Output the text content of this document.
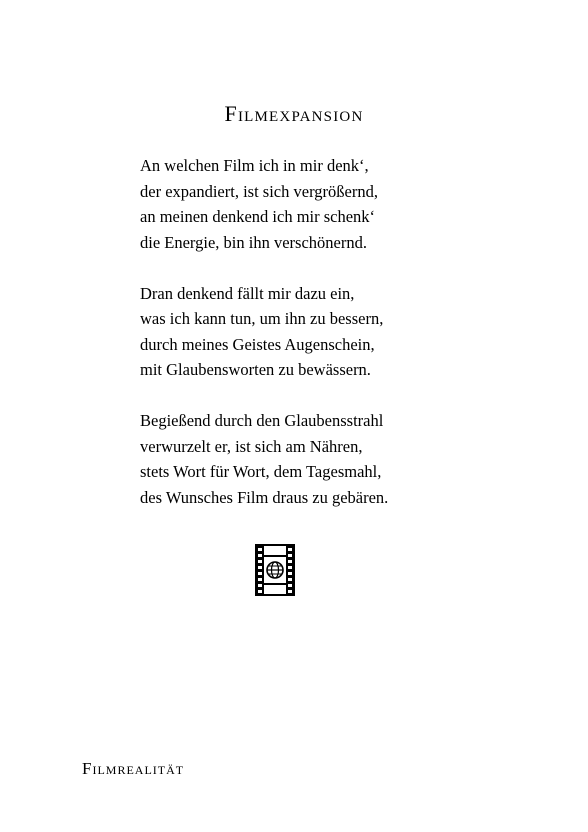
Filmexpansion
An welchen Film ich in mir denk‘,
der expandiert, ist sich vergrößernd,
an meinen denkend ich mir schenk‘
die Energie, bin ihn verschönernd.
Dran denkend fällt mir dazu ein,
was ich kann tun, um ihn zu bessern,
durch meines Geistes Augenschein,
mit Glaubensworten zu bewässern.
Begießend durch den Glaubensstrahl
verwurzelt er, ist sich am Nähren,
stets Wort für Wort, dem Tagesmahl,
des Wunsches Film draus zu gebären.
Filmrealität
